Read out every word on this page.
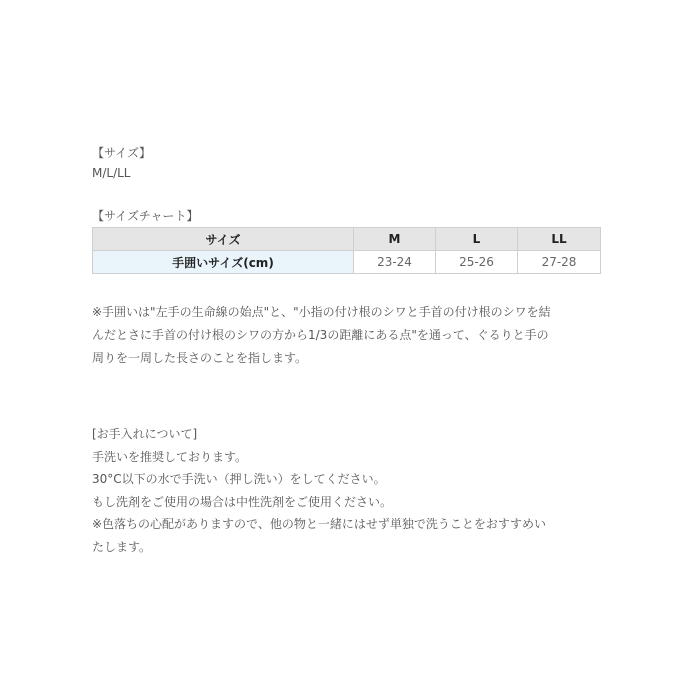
【サイズ】
M/L/LL
【サイズチャート】
サイズ	M	L	LL
手囲いサイズ(cm)	23-24	25-26	27-28
※手囲いは"左手の生命線の始点"と、"小指の付け根のシワと手首の付け根のシワを結
んだとさに手首の付け根のシワの方から1/3の距離にある点"を通って、ぐるりと手の
周りを一周した長さのことを指します。
[お手入れについて]
手洗いを推奨しております。
30°C以下の水で手洗い（押し洗い）をしてください。
もし洗剤をご使用の場合は中性洗剤をご使用ください。
※色落ちの心配がありますので、他の物と一緒にはせず単独で洗うことをおすすめい
たします。
